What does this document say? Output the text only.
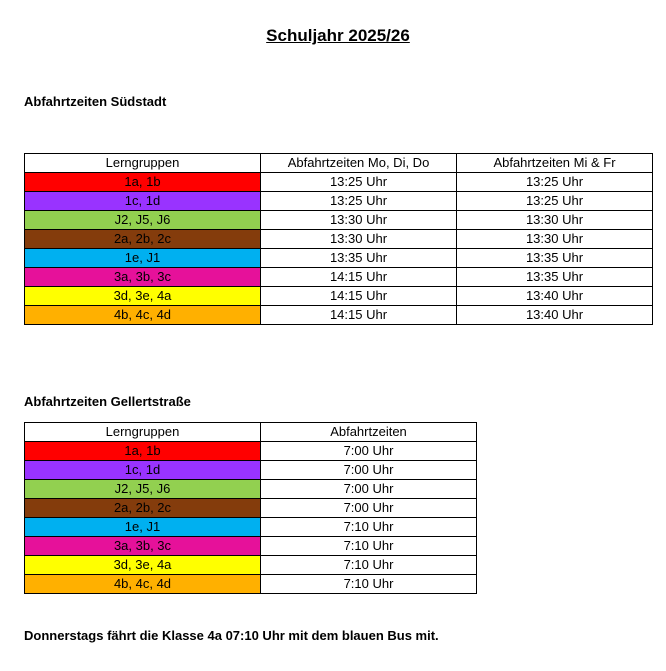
Schuljahr 2025/26
Abfahrtzeiten Südstadt
Lerngruppen	Abfahrtzeiten Mo, Di, Do	Abfahrtzeiten Mi & Fr
1a, 1b	13:25 Uhr	13:25 Uhr
1c, 1d	13:25 Uhr	13:25 Uhr
J2, J5, J6	13:30 Uhr	13:30 Uhr
2a, 2b, 2c	13:30 Uhr	13:30 Uhr
1e, J1	13:35 Uhr	13:35 Uhr
3a, 3b, 3c	14:15 Uhr	13:35 Uhr
3d, 3e, 4a	14:15 Uhr	13:40 Uhr
4b, 4c, 4d	14:15 Uhr	13:40 Uhr
Abfahrtzeiten Gellertstraße
Lerngruppen	Abfahrtzeiten
1a, 1b	7:00 Uhr
1c, 1d	7:00 Uhr
J2, J5, J6	7:00 Uhr
2a, 2b, 2c	7:00 Uhr
1e, J1	7:10 Uhr
3a, 3b, 3c	7:10 Uhr
3d, 3e, 4a	7:10 Uhr
4b, 4c, 4d	7:10 Uhr
Donnerstags fährt die Klasse 4a 07:10 Uhr mit dem blauen Bus mit.
